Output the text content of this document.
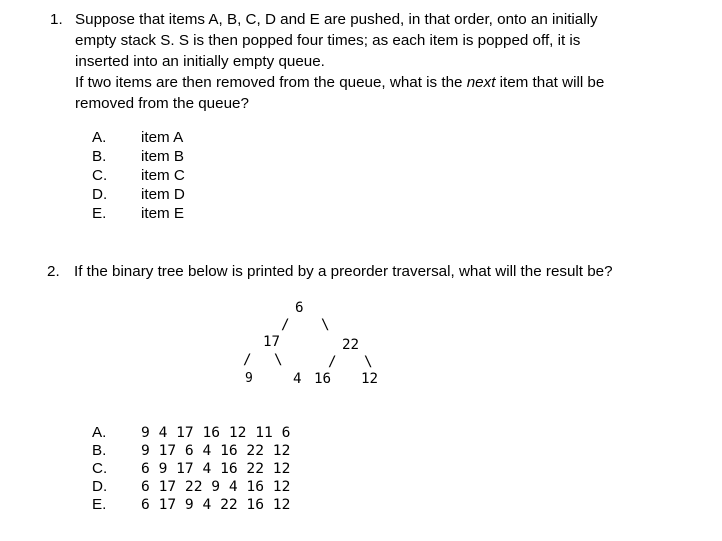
1. Suppose that items A, B, C, D and E are pushed, in that order, onto an initially
empty stack S. S is then popped four times; as each item is popped off, it is
inserted into an initially empty queue.
If two items are then removed from the queue, what is the next item that will be
removed from the queue?
A. item A
B. item B
C. item C
D. item D
E. item E
2. If the binary tree below is printed by a preorder traversal, what will the result be?
6
/ \
17	22
/ \	/ \
9	4 16 12
A. 9 4 17 16 12 11 6
B. 9 17 6 4 16 22 12
C. 6 9 17 4 16 22 12
D. 6 17 22 9 4 16 12
E. 6 17 9 4 22 16 12
